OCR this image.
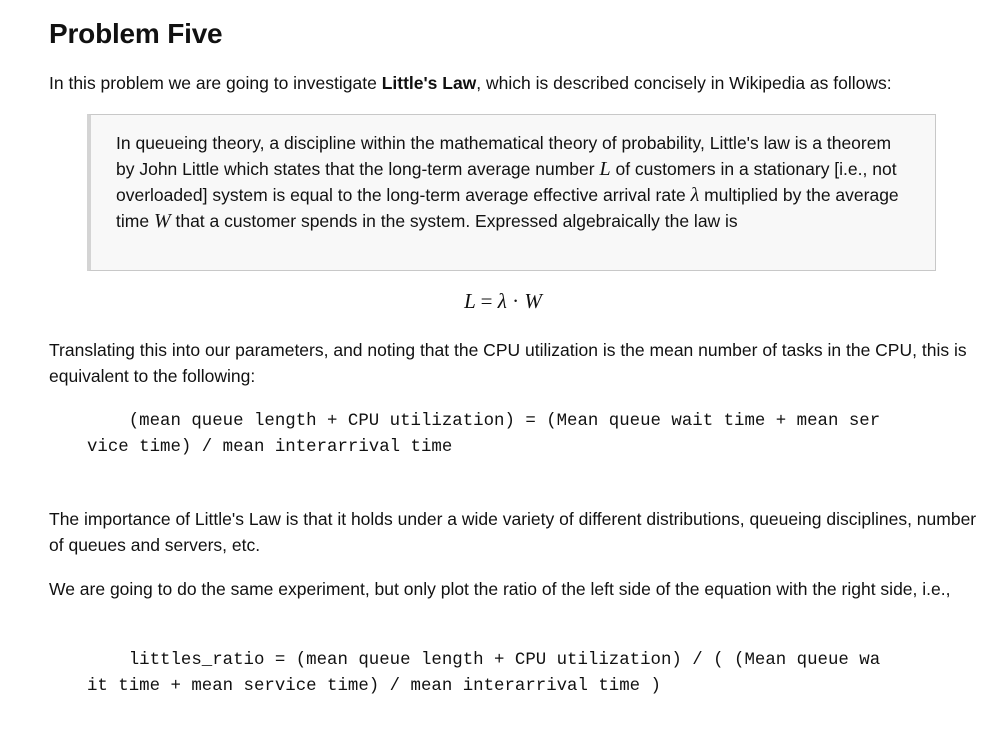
Problem Five

In this problem we are going to investigate Little's Law, which is described concisely in Wikipedia as follows:

In queueing theory, a discipline within the mathematical theory of probability, Little's law is a theorem by John Little which states that the long-term average number L of customers in a stationary [i.e., not overloaded] system is equal to the long-term average effective arrival rate λ multiplied by the average time W that a customer spends in the system. Expressed algebraically the law is
L = λ · W

Translating this into our parameters, and noting that the CPU utilization is the mean number of tasks in the CPU, this is equivalent to the following:

(mean queue length + CPU utilization) = (Mean queue wait time + mean ser
vice time) / mean interarrival time

The importance of Little's Law is that it holds under a wide variety of different distributions, queueing disciplines, number of queues and servers, etc.

We are going to do the same experiment, but only plot the ratio of the left side of the equation with the right side, i.e.,

littles_ratio = (mean queue length + CPU utilization) / ( (Mean queue wa
it time + mean service time) / mean interarrival time )
